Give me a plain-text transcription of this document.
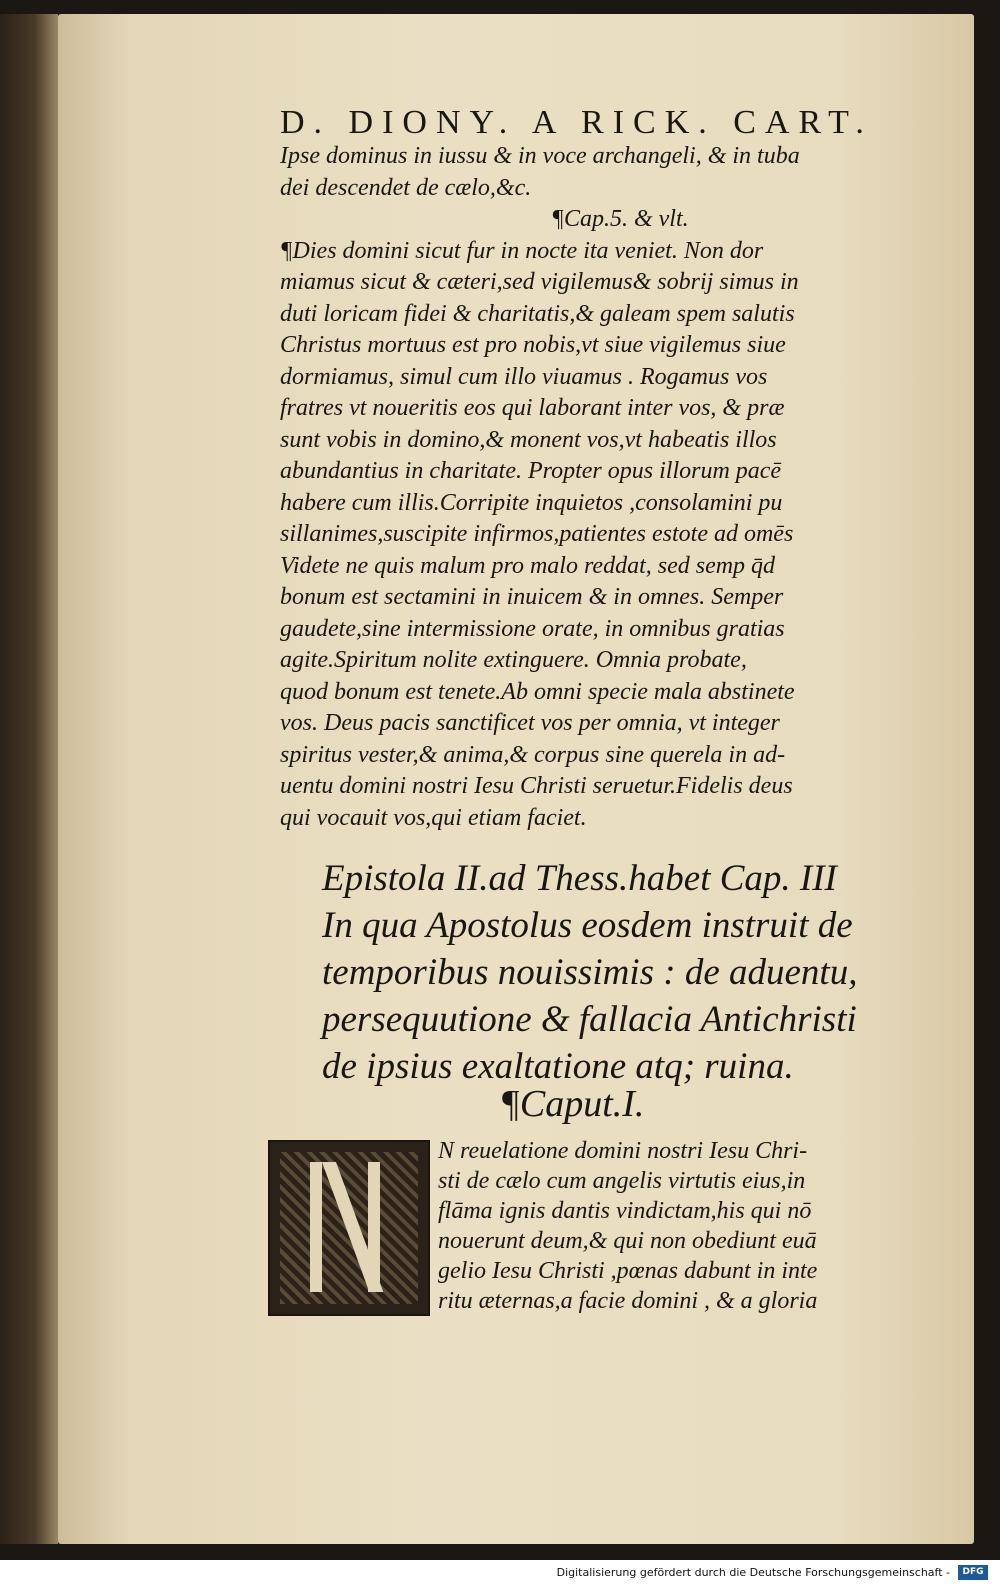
D. DIONY. A RICK. CART.
Ipse dominus in iussu & in voce archangeli, & in tuba
dei descendet de cælo,&c.
¶Cap.5. & vlt.
¶Dies domini sicut fur in nocte ita veniet. Non dor
miamus sicut & cæteri,sed vigilemus& sobrij simus in
duti loricam fidei & charitatis,& galeam spem salutis
Christus mortuus est pro nobis,vt siue vigilemus siue
dormiamus, simul cum illo viuamus . Rogamus vos
fratres vt noueritis eos qui laborant inter vos, & præ
sunt vobis in domino,& monent vos,vt habeatis illos
abundantius in charitate. Propter opus illorum pacē
habere cum illis.Corripite inquietos ,consolamini pu
sillanimes,suscipite infirmos,patientes estote ad omēs
Videte ne quis malum pro malo reddat, sed semp q̄d
bonum est sectamini in inuicem & in omnes. Semper
gaudete,sine intermissione orate, in omnibus gratias
agite.Spiritum nolite extinguere. Omnia probate,
quod bonum est tenete.Ab omni specie mala abstinete
vos. Deus pacis sanctificet vos per omnia, vt integer
spiritus vester,& anima,& corpus sine querela in ad-
uentu domini nostri Iesu Christi seruetur.Fidelis deus
qui vocauit vos,qui etiam faciet.
Epistola II.ad Thess.habet Cap. III
In qua Apostolus eosdem instruit de
temporibus nouissimis : de aduentu,
persequutione & fallacia Antichristi
de ipsius exaltatione atq; ruina.
¶Caput.I.
N reuelatione domini nostri Iesu Chri-
sti de cælo cum angelis virtutis eius,in
flāma ignis dantis vindictam,his qui nō
nouerunt deum,& qui non obediunt euā
gelio Iesu Christi ,pœnas dabunt in inte
ritu æternas,a facie domini , & a gloria
Digitalisierung gefördert durch die Deutsche Forschungsgemeinschaft -	DFG
